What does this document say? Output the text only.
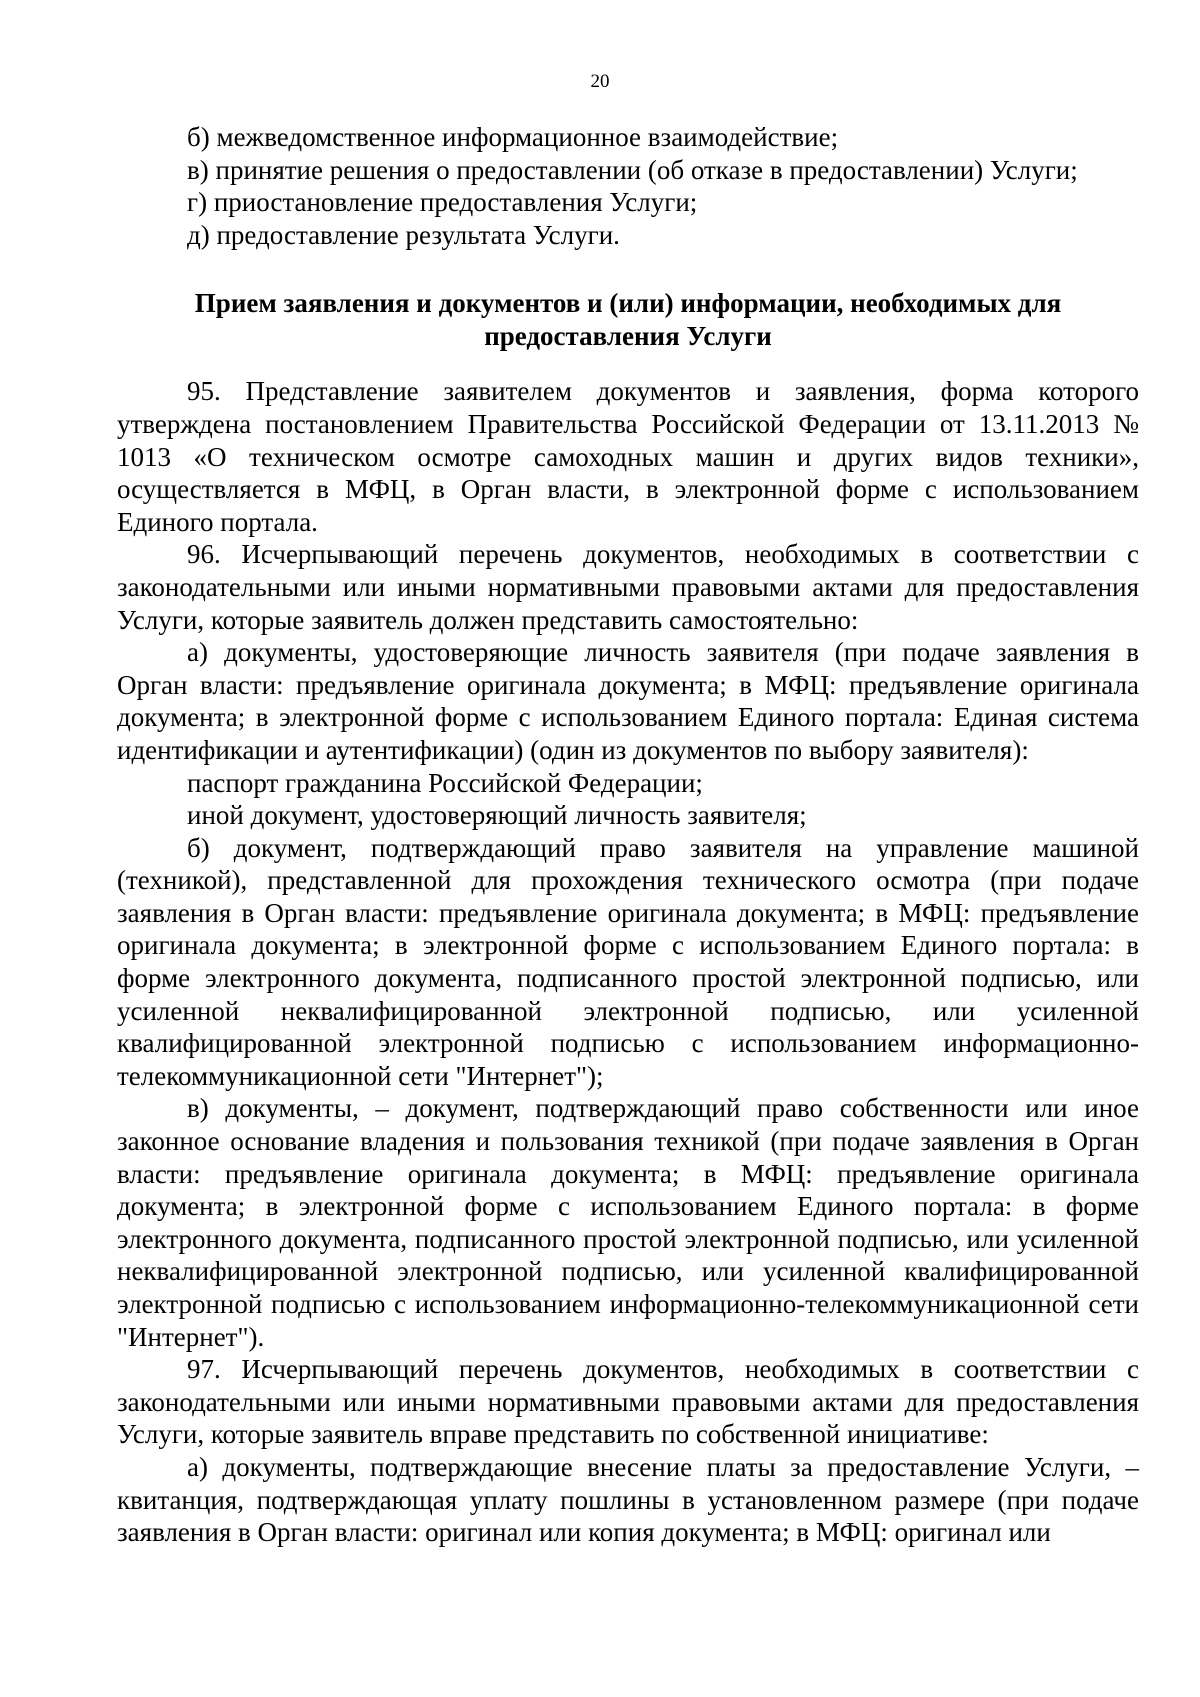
20
б) межведомственное информационное взаимодействие;
в) принятие решения о предоставлении (об отказе в предоставлении) Услуги;
г) приостановление предоставления Услуги;
д) предоставление результата Услуги.
Прием заявления и документов и (или) информации, необходимых для предоставления Услуги

95. Представление заявителем документов и заявления, форма которого утверждена постановлением Правительства Российской Федерации от 13.11.2013 № 1013 «О техническом осмотре самоходных машин и других видов техники», осуществляется в МФЦ, в Орган власти, в электронной форме с использованием Единого портала.

96. Исчерпывающий перечень документов, необходимых в соответствии с законодательными или иными нормативными правовыми актами для предоставления Услуги, которые заявитель должен представить самостоятельно:

а) документы, удостоверяющие личность заявителя (при подаче заявления в Орган власти: предъявление оригинала документа; в МФЦ: предъявление оригинала документа; в электронной форме с использованием Единого портала: Единая система идентификации и аутентификации) (один из документов по выбору заявителя):

паспорт гражданина Российской Федерации;

иной документ, удостоверяющий личность заявителя;

б) документ, подтверждающий право заявителя на управление машиной (техникой), представленной для прохождения технического осмотра (при подаче заявления в Орган власти: предъявление оригинала документа; в МФЦ: предъявление оригинала документа; в электронной форме с использованием Единого портала: в форме электронного документа, подписанного простой электронной подписью, или усиленной неквалифицированной электронной подписью, или усиленной квалифицированной электронной подписью с использованием информационно-телекоммуникационной сети "Интернет");

в) документы, – документ, подтверждающий право собственности или иное законное основание владения и пользования техникой (при подаче заявления в Орган власти: предъявление оригинала документа; в МФЦ: предъявление оригинала документа; в электронной форме с использованием Единого портала: в форме электронного документа, подписанного простой электронной подписью, или усиленной неквалифицированной электронной подписью, или усиленной квалифицированной электронной подписью с использованием информационно-телекоммуникационной сети "Интернет").

97. Исчерпывающий перечень документов, необходимых в соответствии с законодательными или иными нормативными правовыми актами для предоставления Услуги, которые заявитель вправе представить по собственной инициативе:

а) документы, подтверждающие внесение платы за предоставление Услуги, – квитанция, подтверждающая уплату пошлины в установленном размере (при подаче заявления в Орган власти: оригинал или копия документа; в МФЦ: оригинал или
